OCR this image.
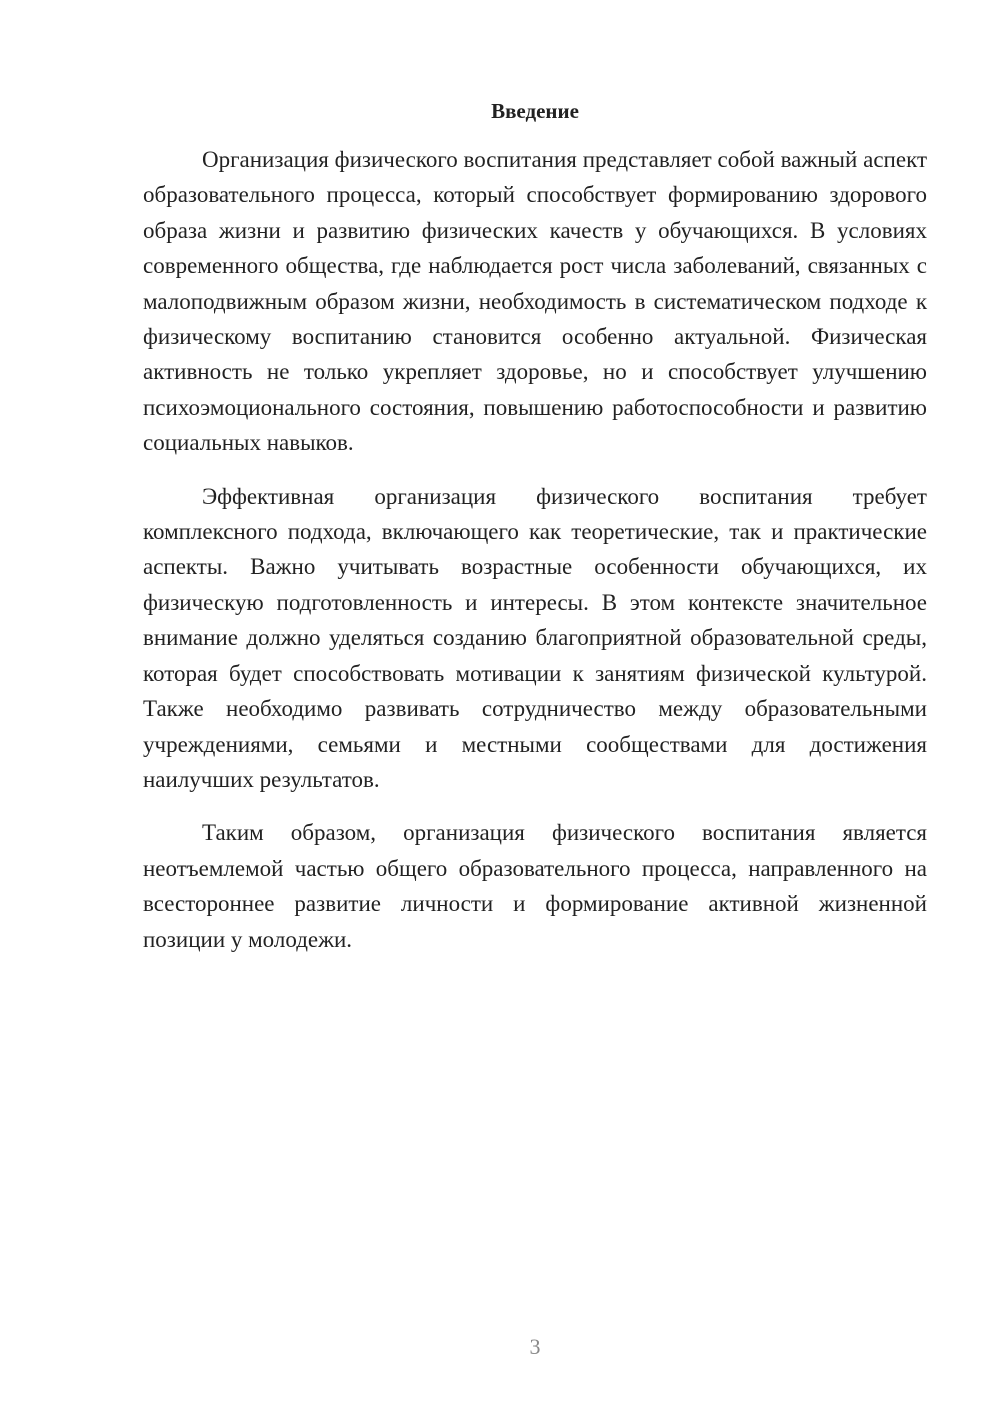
Введение

Организация физического воспитания представляет собой важный аспект образовательного процесса, который способствует формированию здорового образа жизни и развитию физических качеств у обучающихся. В условиях современного общества, где наблюдается рост числа заболеваний, связанных с малоподвижным образом жизни, необходимость в систематическом подходе к физическому воспитанию становится особенно актуальной. Физическая активность не только укрепляет здоровье, но и способствует улучшению психоэмоционального состояния, повышению работоспособности и развитию социальных навыков.

Эффективная организация физического воспитания требует комплексного подхода, включающего как теоретические, так и практические аспекты. Важно учитывать возрастные особенности обучающихся, их физическую подготовленность и интересы. В этом контексте значительное внимание должно уделяться созданию благоприятной образовательной среды, которая будет способствовать мотивации к занятиям физической культурой. Также необходимо развивать сотрудничество между образовательными учреждениями, семьями и местными сообществами для достижения наилучших результатов.

Таким образом, организация физического воспитания является неотъемлемой частью общего образовательного процесса, направленного на всестороннее развитие личности и формирование активной жизненной позиции у молодежи.

3
